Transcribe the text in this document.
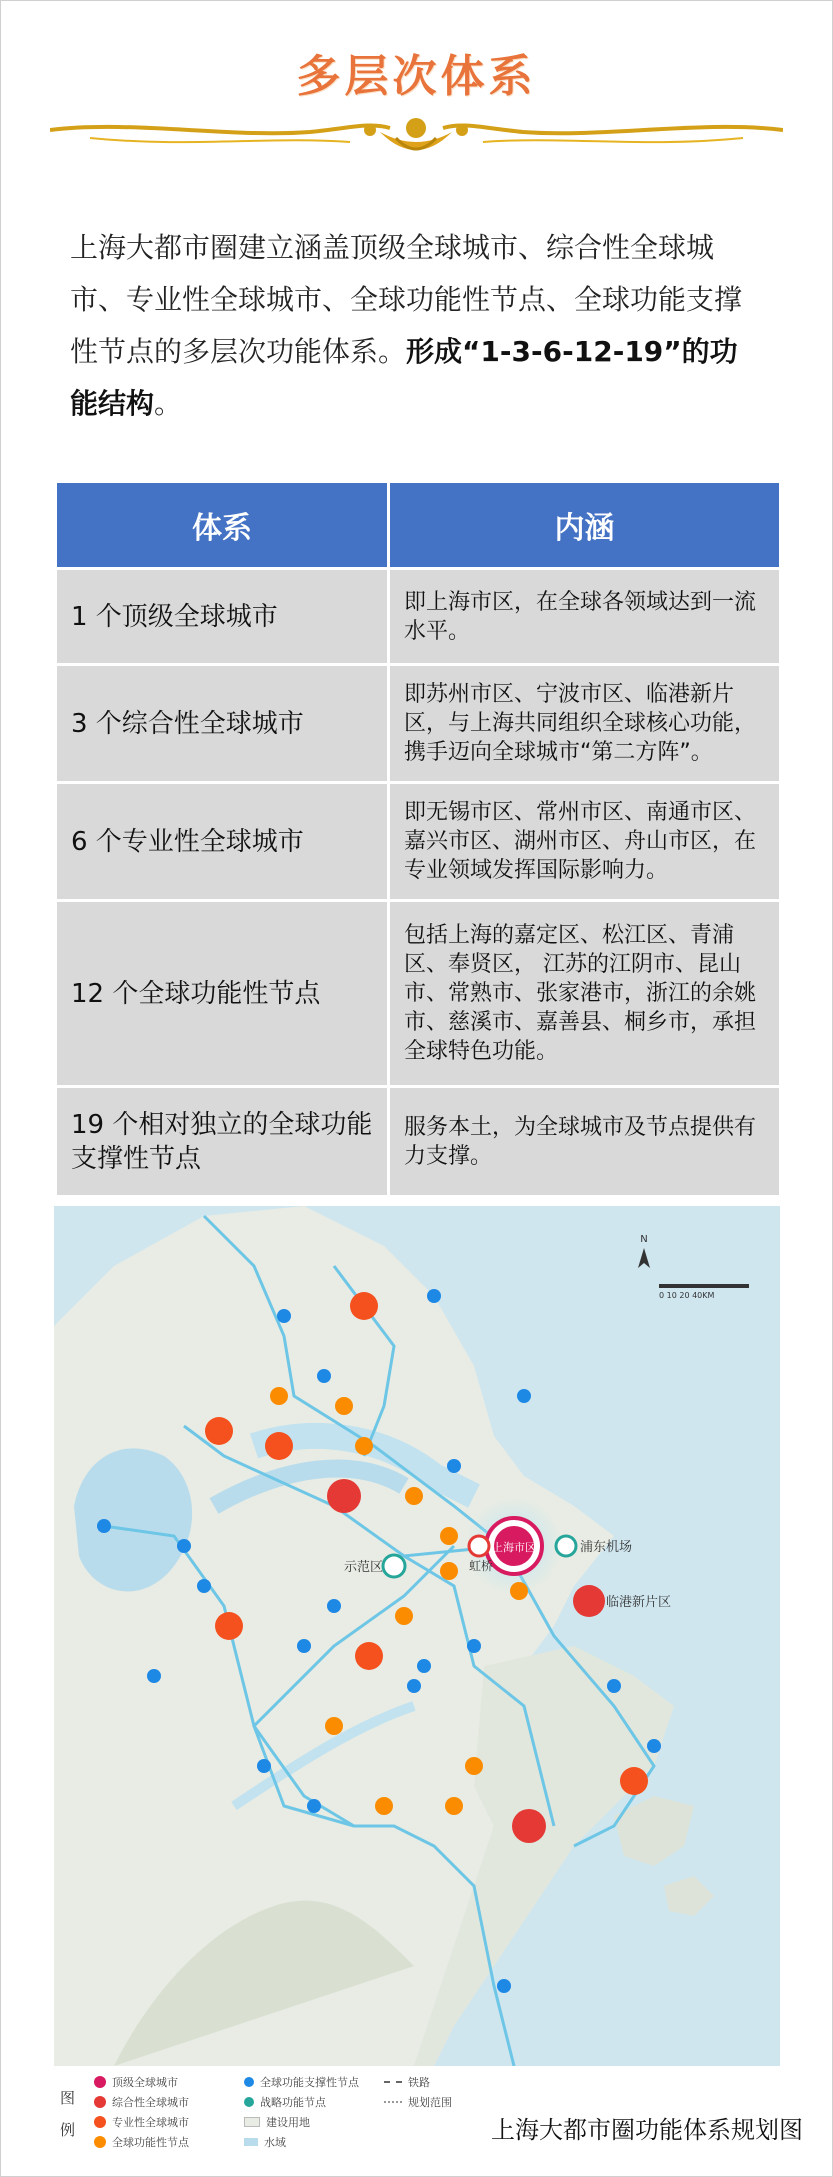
多层次体系
上海大都市圈建立涵盖顶级全球城市、综合性全球城市、专业性全球城市、全球功能性节点、全球功能支撑性节点的多层次功能体系。形成“1-3-6-12-19”的功能结构。
体系	内涵
1 个顶级全球城市	即上海市区，在全球各领域达到一流水平。
3 个综合性全球城市	即苏州市区、宁波市区、临港新片区，与上海共同组织全球核心功能，携手迈向全球城市“第二方阵”。
6 个专业性全球城市	即无锡市区、常州市区、南通市区、嘉兴市区、湖州市区、舟山市区，在专业领域发挥国际影响力。
12 个全球功能性节点	包括上海的嘉定区、松江区、青浦区、奉贤区， 江苏的江阴市、昆山市、常熟市、张家港市，浙江的余姚市、慈溪市、嘉善县、桐乡市，承担全球特色功能。
19 个相对独立的全球功能支撑性节点	服务本土，为全球城市及节点提供有力支撑。
上海市区	浦东机场
虹桥
示范区
临港新片区
N
0 10 20 40KM
图例
顶级全球城市
综合性全球城市
专业性全球城市
全球功能性节点
全球功能支撑性节点
战略功能节点
建设用地
水域
铁路
规划范围
上海大都市圈功能体系规划图
